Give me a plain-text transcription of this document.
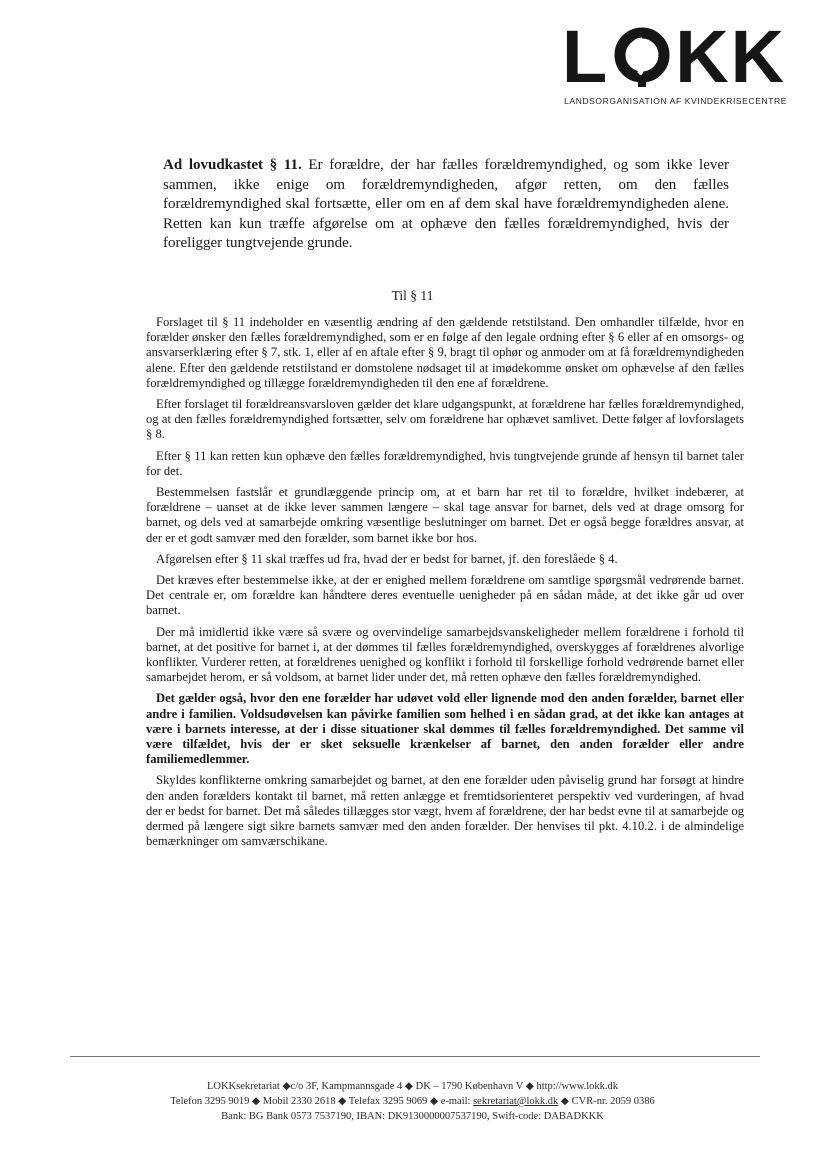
L KK
LANDSORGANISATION AF KVINDEKRISECENTRE
Ad lovudkastet § 11. Er forældre, der har fælles forældremyndighed, og som ikke lever sammen, ikke enige om forældremyndigheden, afgør retten, om den fælles forældremyndighed skal fortsætte, eller om en af dem skal have forældremyndigheden alene. Retten kan kun træffe afgørelse om at ophæve den fælles forældremyndighed, hvis der foreligger tungtvejende grunde.
Til § 11

Forslaget til § 11 indeholder en væsentlig ændring af den gældende retstilstand. Den omhandler tilfælde, hvor en forælder ønsker den fælles forældremyndighed, som er en følge af den legale ordning efter § 6 eller af en omsorgs- og ansvarserklæring efter § 7, stk. 1, eller af en aftale efter § 9, bragt til ophør og anmoder om at få forældremyndigheden alene. Efter den gældende retstilstand er domstolene nødsaget til at imødekomme ønsket om ophævelse af den fælles forældremyndighed og tillægge forældremyndigheden til den ene af forældrene.

Efter forslaget til forældreansvarsloven gælder det klare udgangspunkt, at forældrene har fælles forældremyndighed, og at den fælles forældremyndighed fortsætter, selv om forældrene har ophævet samlivet. Dette følger af lovforslagets § 8.

Efter § 11 kan retten kun ophæve den fælles forældremyndighed, hvis tungtvejende grunde af hensyn til barnet taler for det.

Bestemmelsen fastslår et grundlæggende princip om, at et barn har ret til to forældre, hvilket indebærer, at forældrene – uanset at de ikke lever sammen længere – skal tage ansvar for barnet, dels ved at drage omsorg for barnet, og dels ved at samarbejde omkring væsentlige beslutninger om barnet. Det er også begge forældres ansvar, at der er et godt samvær med den forælder, som barnet ikke bor hos.

Afgørelsen efter § 11 skal træffes ud fra, hvad der er bedst for barnet, jf. den foreslåede § 4.

Det kræves efter bestemmelse ikke, at der er enighed mellem forældrene om samtlige spørgsmål vedrørende barnet. Det centrale er, om forældre kan håndtere deres eventuelle uenigheder på en sådan måde, at det ikke går ud over barnet.

Der må imidlertid ikke være så svære og overvindelige samarbejdsvanskeligheder mellem forældrene i forhold til barnet, at det positive for barnet i, at der dømmes til fælles forældremyndighed, overskygges af forældrenes alvorlige konflikter. Vurderer retten, at forældrenes uenighed og konflikt i forhold til forskellige forhold vedrørende barnet eller samarbejdet herom, er så voldsom, at barnet lider under det, må retten ophæve den fælles forældremyndighed.

Det gælder også, hvor den ene forælder har udøvet vold eller lignende mod den anden forælder, barnet eller andre i familien. Voldsudøvelsen kan påvirke familien som helhed i en sådan grad, at det ikke kan antages at være i barnets interesse, at der i disse situationer skal dømmes til fælles forældremyndighed. Det samme vil være tilfældet, hvis der er sket seksuelle krænkelser af barnet, den anden forælder eller andre familiemedlemmer.

Skyldes konflikterne omkring samarbejdet og barnet, at den ene forælder uden påviselig grund har forsøgt at hindre den anden forælders kontakt til barnet, må retten anlægge et fremtidsorienteret perspektiv ved vurderingen, af hvad der er bedst for barnet. Det må således tillægges stor vægt, hvem af forældrene, der har bedst evne til at samarbejde og dermed på længere sigt sikre barnets samvær med den anden forælder. Der henvises til pkt. 4.10.2. i de almindelige bemærkninger om samværschikane.

LOKKsekretariat ◆c/o 3F, Kampmannsgade 4 ◆ DK – 1790 København V ◆ http://www.lokk.dk
Telefon 3295 9019 ◆ Mobil 2330 2618 ◆ Telefax 3295 9069 ◆ e-mail: sekretariat@lokk.dk ◆ CVR-nr. 2059 0386
Bank: BG Bank 0573 7537190, IBAN: DK9130000007537190, Swift-code: DABADKKK
